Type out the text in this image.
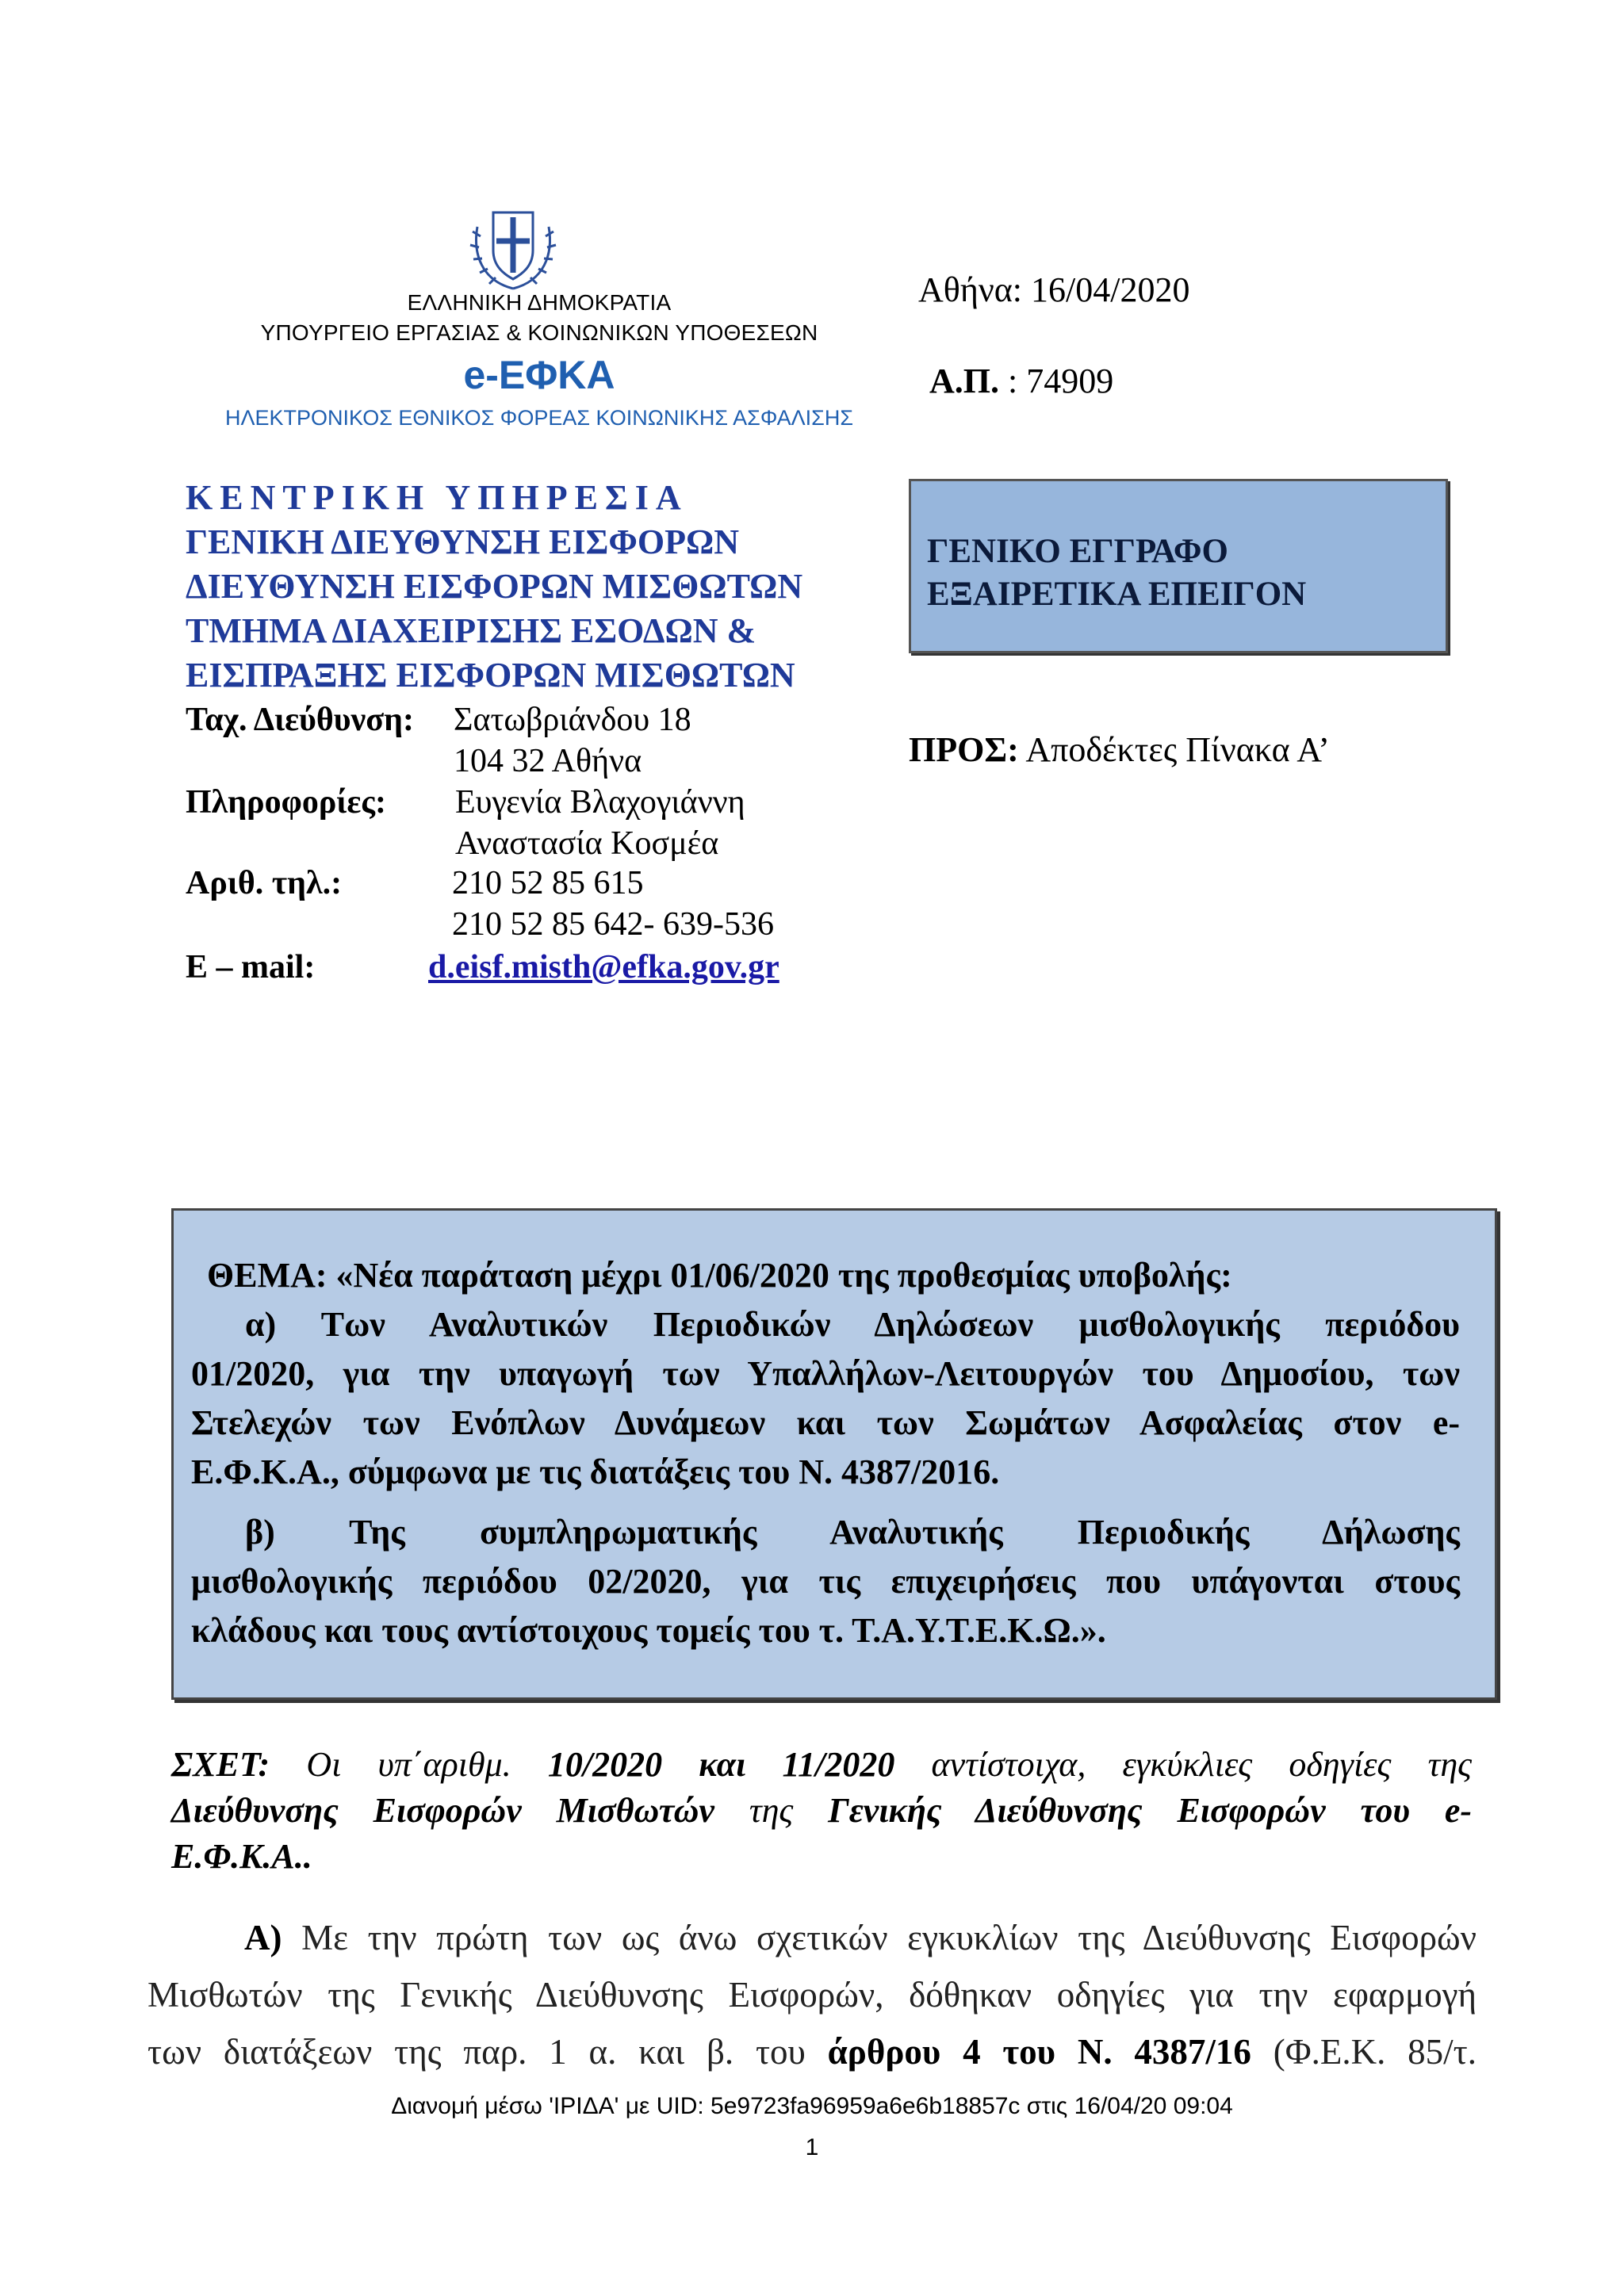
ΕΛΛΗΝΙΚΗ ΔΗΜΟΚΡΑΤΙΑ
ΥΠΟΥΡΓΕΙΟ ΕΡΓΑΣΙΑΣ & ΚΟΙΝΩΝΙΚΩΝ ΥΠΟΘΕΣΕΩΝ
e-ΕΦΚΑ
ΗΛΕΚΤΡΟΝΙΚΟΣ ΕΘΝΙΚΟΣ ΦΟΡΕΑΣ ΚΟΙΝΩΝΙΚΗΣ ΑΣΦΑΛΙΣΗΣ
Αθήνα: 16/04/2020
Α.Π. : 74909
ΚΕΝΤΡΙΚΗ ΥΠΗΡΕΣΙΑ
ΓΕΝΙΚΗ ΔΙΕΥΘΥΝΣΗ ΕΙΣΦΟΡΩΝ
ΔΙΕΥΘΥΝΣΗ ΕΙΣΦΟΡΩΝ ΜΙΣΘΩΤΩΝ
ΤΜΗΜΑ ΔΙΑΧΕΙΡΙΣΗΣ ΕΣΟΔΩΝ &
ΕΙΣΠΡΑΞΗΣ ΕΙΣΦΟΡΩΝ ΜΙΣΘΩΤΩΝ
Ταχ. Διεύθυνση: Σατωβριάνδου 18
104 32 Αθήνα
Πληροφορίες: Ευγενία Βλαχογιάννη
Αναστασία Κοσμέα
Αριθ. τηλ.:	210 52 85 615
210 52 85 642- 639-536
E – mail:	d.eisf.misth@efka.gov.gr
ΓΕΝΙΚΟ ΕΓΓΡΑΦΟ
ΕΞΑΙΡΕΤΙΚΑ ΕΠΕΙΓΟΝ
ΠΡΟΣ: Αποδέκτες Πίνακα Α’
ΘΕΜΑ: «Νέα παράταση μέχρι 01/06/2020 της προθεσμίας υποβολής:
α) Των Αναλυτικών Περιοδικών Δηλώσεων μισθολογικής περιόδου
01/2020, για την υπαγωγή των Υπαλλήλων-Λειτουργών του Δημοσίου, των
Στελεχών των Ενόπλων Δυνάμεων και των Σωμάτων Ασφαλείας στον e-
Ε.Φ.Κ.Α., σύμφωνα με τις διατάξεις του Ν. 4387/2016.
β) Της συμπληρωματικής Αναλυτικής Περιοδικής Δήλωσης
μισθολογικής περιόδου 02/2020, για τις επιχειρήσεις που υπάγονται στους
κλάδους και τους αντίστοιχους τομείς του τ. Τ.Α.Υ.Τ.Ε.Κ.Ω.».
ΣΧΕΤ: Οι υπ΄αριθμ. 10/2020 και 11/2020 αντίστοιχα, εγκύκλιες οδηγίες της
Διεύθυνσης Εισφορών Μισθωτών της Γενικής Διεύθυνσης Εισφορών του e-
Ε.Φ.Κ.Α..
Α) Με την πρώτη των ως άνω σχετικών εγκυκλίων της Διεύθυνσης Εισφορών
Μισθωτών της Γενικής Διεύθυνσης Εισφορών, δόθηκαν οδηγίες για την εφαρμογή
των διατάξεων της παρ. 1 α. και β. του άρθρου 4 του Ν. 4387/16 (Φ.Ε.Κ. 85/τ.
Διανομή μέσω 'ΙΡΙΔΑ' με UID: 5e9723fa96959a6e6b18857c στις 16/04/20 09:04
1
